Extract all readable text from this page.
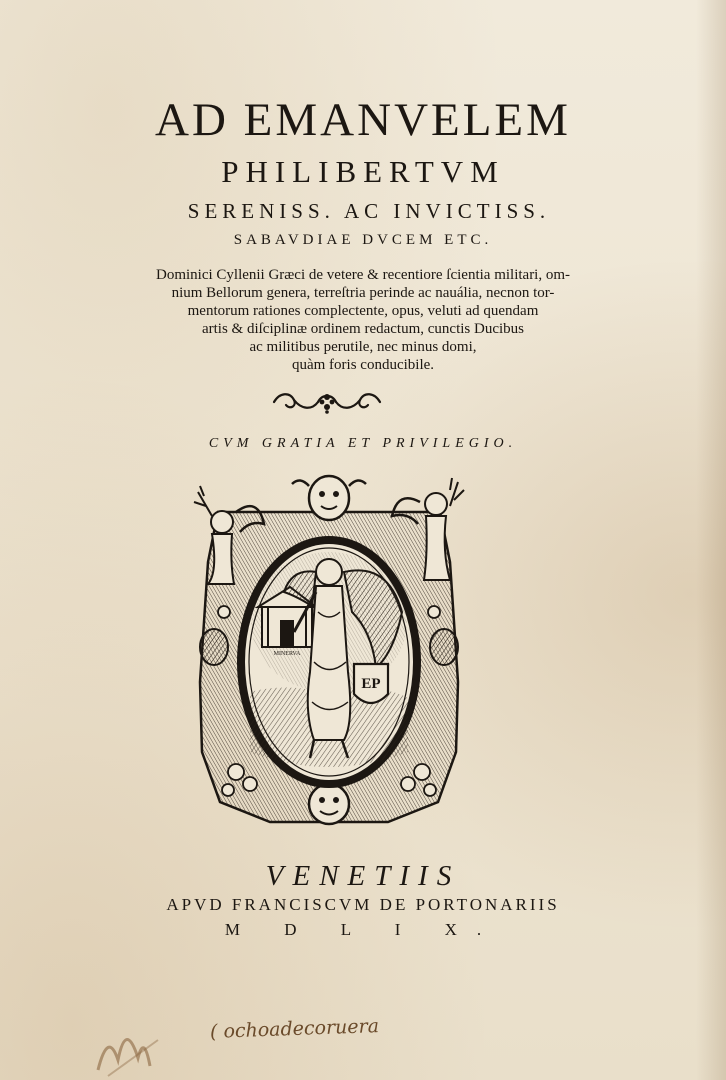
AD EMANVELEM
PHILIBERTVM
SERENISS. AC INVICTISS.
SABAVDIAE DVCEM ETC.
Dominici Cyllenii Græci de vetere & recentiore ſcientia militari, om-
nium Bellorum genera, terreſtria perinde ac nauália, necnon tor-
mentorum rationes complectente, opus, veluti ad quendam
artis & diſciplinæ ordinem redactum, cunctis Ducibus
ac militibus perutile, nec minus domi,
quàm foris conducibile.
CVM GRATIA ET PRIVILEGIO.
MINERVA
EP
VENETIIS
APVD FRANCISCVM DE PORTONARIIS
M D L I X.
( ochoadecoruera
